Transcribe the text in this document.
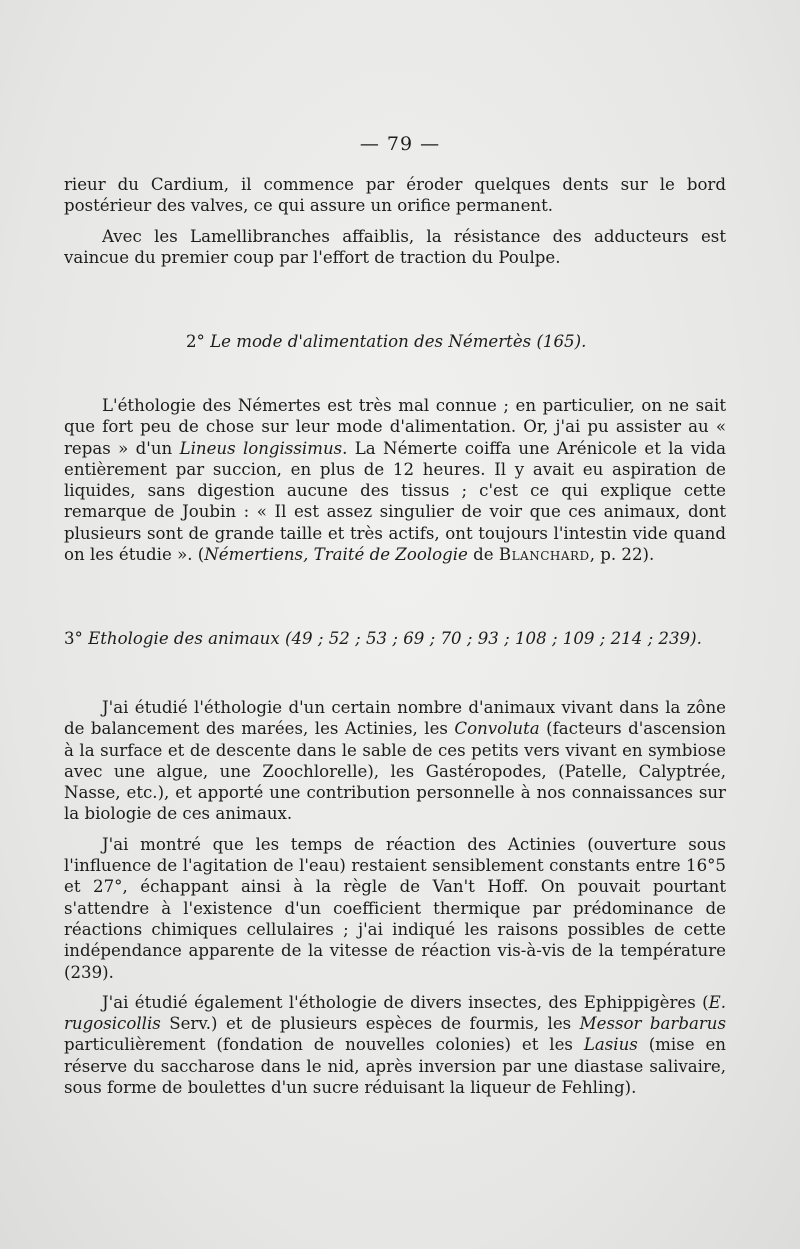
— 79 —

rieur du Cardium, il commence par éroder quelques dents sur le bord postérieur des valves, ce qui assure un orifice permanent.

Avec les Lamellibranches affaiblis, la résistance des adducteurs est vaincue du premier coup par l'effort de traction du Poulpe.

2° Le mode d'alimentation des Némertès (165).

L'éthologie des Némertes est très mal connue ; en particulier, on ne sait que fort peu de chose sur leur mode d'alimentation. Or, j'ai pu assister au « repas » d'un Lineus longissimus. La Némerte coiffa une Arénicole et la vida entièrement par succion, en plus de 12 heures. Il y avait eu aspiration de liquides, sans digestion aucune des tissus ; c'est ce qui explique cette remarque de Joubin : « Il est assez singulier de voir que ces animaux, dont plusieurs sont de grande taille et très actifs, ont toujours l'intestin vide quand on les étudie ». (Némertiens, Traité de Zoologie de Blanchard, p. 22).

3° Ethologie des animaux (49 ; 52 ; 53 ; 69 ; 70 ; 93 ; 108 ; 109 ; 214 ; 239).

J'ai étudié l'éthologie d'un certain nombre d'animaux vivant dans la zône de balancement des marées, les Actinies, les Convoluta (facteurs d'ascension à la surface et de descente dans le sable de ces petits vers vivant en symbiose avec une algue, une Zoochlorelle), les Gastéropodes, (Patelle, Calyptrée, Nasse, etc.), et apporté une contribution personnelle à nos connaissances sur la biologie de ces animaux.

J'ai montré que les temps de réaction des Actinies (ouverture sous l'influence de l'agitation de l'eau) restaient sensiblement constants entre 16°5 et 27°, échappant ainsi à la règle de Van't Hoff. On pouvait pourtant s'attendre à l'existence d'un coefficient thermique par prédominance de réactions chimiques cellulaires ; j'ai indiqué les raisons possibles de cette indépendance apparente de la vitesse de réaction vis-à-vis de la température (239).

J'ai étudié également l'éthologie de divers insectes, des Ephippigères (E. rugosicollis Serv.) et de plusieurs espèces de fourmis, les Messor barbarus particulièrement (fondation de nouvelles colonies) et les Lasius (mise en réserve du saccharose dans le nid, après inversion par une diastase salivaire, sous forme de boulettes d'un sucre réduisant la liqueur de Fehling).
